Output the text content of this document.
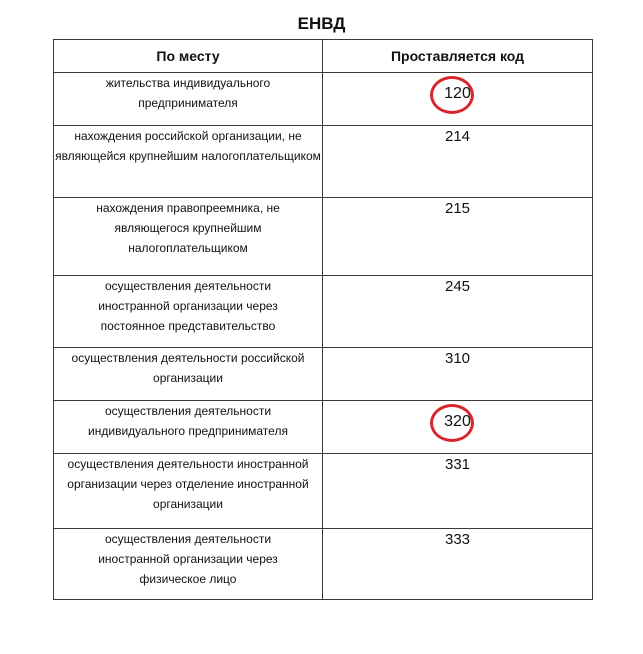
ЕНВД
По месту	Проставляется код
жительства индивидуального предпринимателя	120
нахождения российской организации, не являющейся крупнейшим налогоплательщиком	214
нахождения правопреемника, не являющегося крупнейшим налогоплательщиком	215
осуществления деятельности иностранной организации через постоянное представительство	245
осуществления деятельности российской организации	310
осуществления деятельности индивидуального предпринимателя	320
осуществления деятельности иностранной организации через отделение иностранной организации	331
осуществления деятельности иностранной организации через физическое лицо	333
